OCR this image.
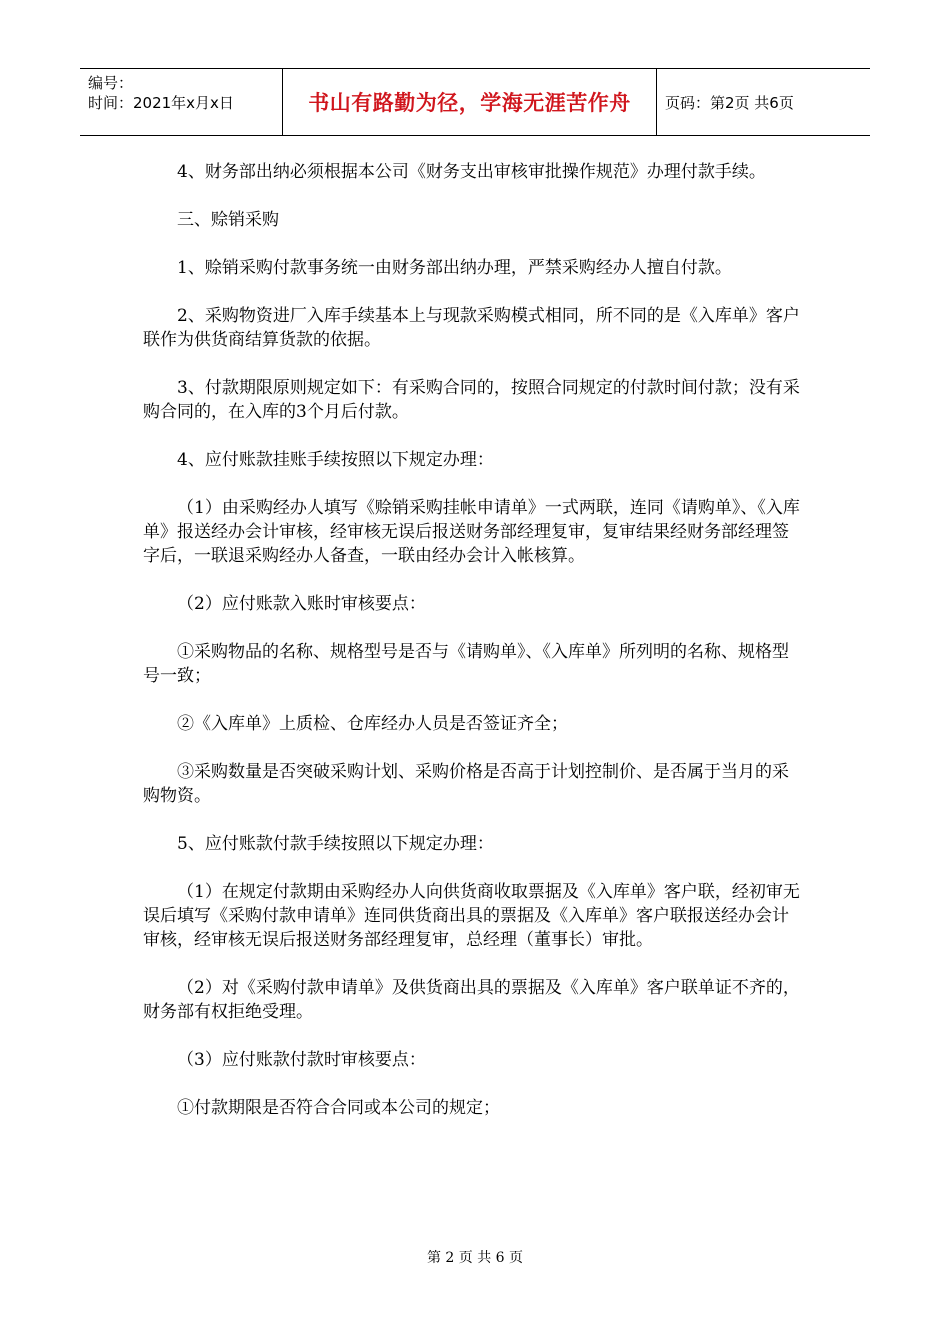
编号：
时间：2021年x月x日	书山有路勤为径，学海无涯苦作舟	页码：第2页 共6页

4、财务部出纳必须根据本公司《财务支出审核审批操作规范》办理付款手续。

三、赊销采购

1、赊销采购付款事务统一由财务部出纳办理，严禁采购经办人擅自付款。

2、采购物资进厂入库手续基本上与现款采购模式相同，所不同的是《入库单》客户联作为供货商结算货款的依据。

3、付款期限原则规定如下：有采购合同的，按照合同规定的付款时间付款；没有采购合同的，在入库的3个月后付款。

4、应付账款挂账手续按照以下规定办理：

（1）由采购经办人填写《赊销采购挂帐申请单》一式两联，连同《请购单》、《入库单》报送经办会计审核，经审核无误后报送财务部经理复审，复审结果经财务部经理签字后，一联退采购经办人备查，一联由经办会计入帐核算。

（2）应付账款入账时审核要点：

①采购物品的名称、规格型号是否与《请购单》、《入库单》所列明的名称、规格型号一致；

②《入库单》上质检、仓库经办人员是否签证齐全；

③采购数量是否突破采购计划、采购价格是否高于计划控制价、是否属于当月的采购物资。

5、应付账款付款手续按照以下规定办理：

（1）在规定付款期由采购经办人向供货商收取票据及《入库单》客户联，经初审无误后填写《采购付款申请单》连同供货商出具的票据及《入库单》客户联报送经办会计审核，经审核无误后报送财务部经理复审，总经理（董事长）审批。

（2）对《采购付款申请单》及供货商出具的票据及《入库单》客户联单证不齐的，财务部有权拒绝受理。

（3）应付账款付款时审核要点：

①付款期限是否符合合同或本公司的规定；

第 2 页 共 6 页
